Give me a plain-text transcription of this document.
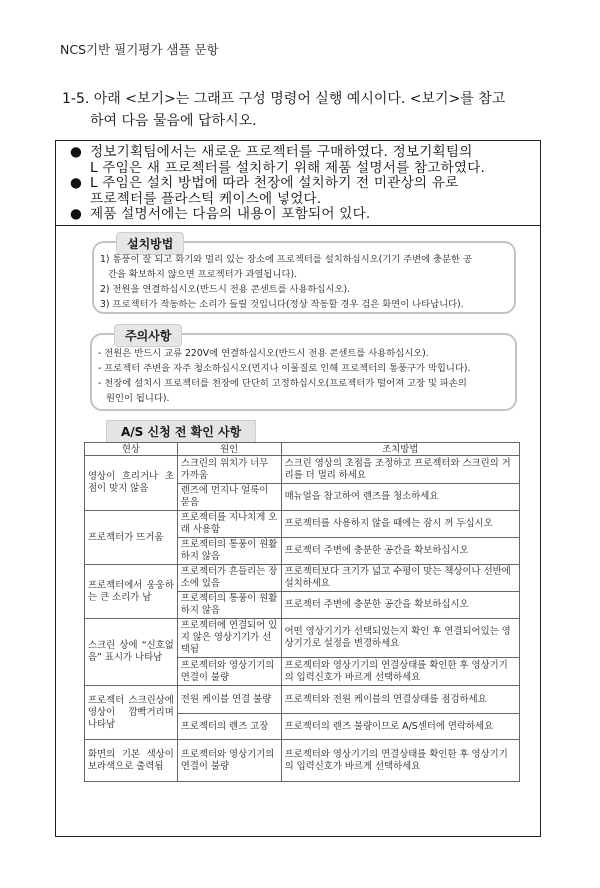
NCS기반 필기평가 샘플 문항
1-5. 아래 <보기>는 그래프 구성 명령어 실행 예시이다. <보기>를 참고
하여 다음 물음에 답하시오.
● 정보기획팀에서는 새로운 프로젝터를 구매하였다. 정보기획팀의
L 주임은 새 프로젝터를 설치하기 위해 제품 설명서를 참고하였다.
● L 주임은 설치 방법에 따라 천장에 설치하기 전 미관상의 유로
프로젝터를 플라스틱 케이스에 넣었다.
● 제품 설명서에는 다음의 내용이 포함되어 있다.
설치방법
1) 통풍이 잘 되고 화기와 멀리 있는 장소에 프로젝터를 설치하십시오(기기 주변에 충분한 공
간을 확보하지 않으면 프로젝터가 과열됩니다).
2) 전원을 연결하십시오(반드시 전용 콘센트를 사용하십시오).
3) 프로젝터가 작동하는 소리가 들릴 것입니다(정상 작동할 경우 검은 화면이 나타납니다).
주의사항
- 전원은 반드시 교류 220V에 연결하십시오(반드시 전용 콘센트를 사용하십시오).
- 프로젝터 주변을 자주 청소하십시오(먼지나 이물질로 인해 프로젝터의 통풍구가 막힙니다).
- 천장에 설치시 프로젝터를 천장에 단단히 고정하십시오(프로젝터가 떨어져 고장 및 파손의
원인이 됩니다).
A/S 신청 전 확인 사항
현상	원인	조치방법
영상이 흐리거나 초점이 맞지 않음	스크린의 위치가 너무 가까움	스크린 영상의 초점을 조정하고 프로젝터와 스크린의 거리를 더 멀리 하세요
	렌즈에 먼지나 얼룩이 묻음	매뉴얼을 참고하여 렌즈를 청소하세요
프로젝터가 뜨거움	프로젝터를 지나치게 오래 사용함	프로젝터를 사용하지 않을 때에는 잠시 꺼 두십시오
	프로젝터의 통풍이 원활하지 않음	프로젝터 주변에 충분한 공간을 확보하십시오
프로젝터에서 웅웅하는 큰 소리가 남	프로젝터가 흔들리는 장소에 있음	프로젝터보다 크기가 넓고 수평이 맞는 책상이나 선반에 설치하세요
	프로젝터의 통풍이 원활하지 않음	프로젝터 주변에 충분한 공간을 확보하십시오
스크린 상에 “신호없음” 표시가 나타남	프로젝터에 연결되어 있지 않은 영상기기가 선택됨	어떤 영상기기가 선택되었는지 확인 후 연결되어있는 영상기기로 설정을 변경하세요
	프로젝터와 영상기기의 연결이 불량	프로젝터와 영상기기의 연결상태를 확인한 후 영상기기의 입력신호가 바르게 선택하세요
프로젝터 스크린상에 영상이 깜빡거리며 나타남	전원 케이블 연결 불량	프로젝터와 전원 케이블의 연결상태를 점검하세요
	프로젝터의 렌즈 고장	프로젝터의 렌즈 불량이므로 A/S센터에 연락하세요
화면의 기본 색상이 보라색으로 출력됨	프로젝터와 영상기기의 연결이 불량	프로젝터와 영상기기의 연결상태를 확인한 후 영상기기의 입력신호가 바르게 선택하세요
